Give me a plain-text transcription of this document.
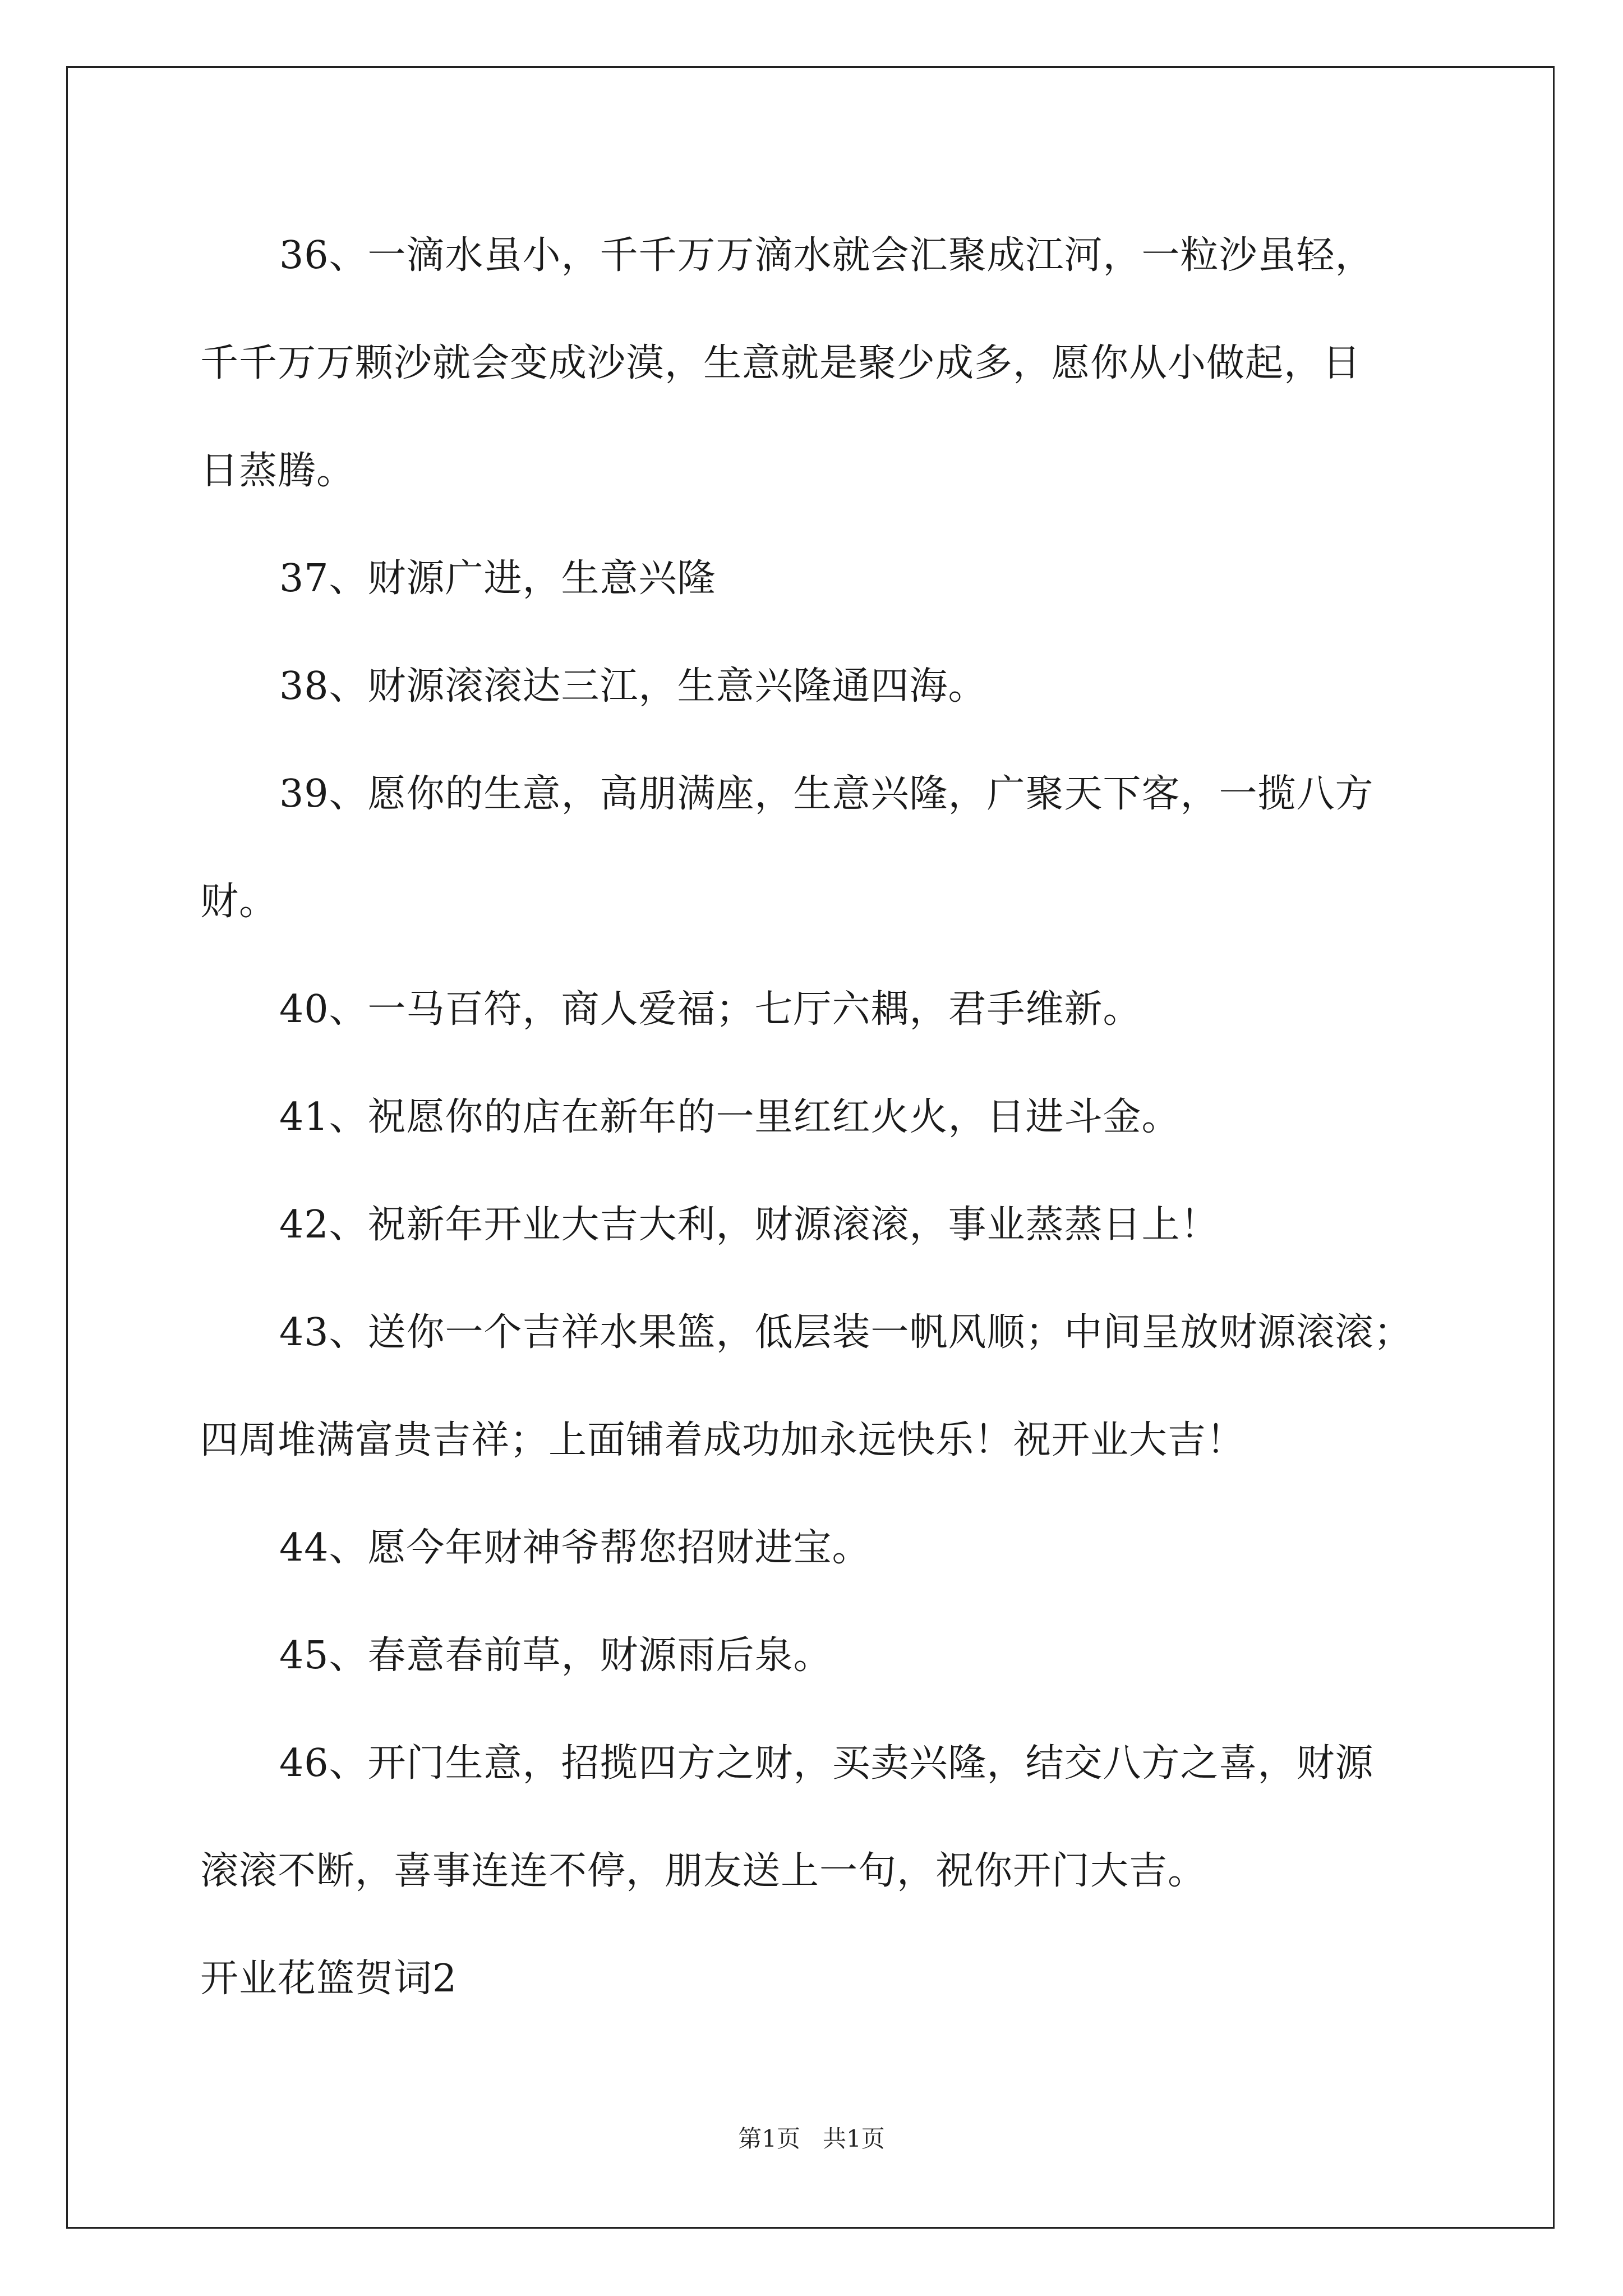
36、一滴水虽小，千千万万滴水就会汇聚成江河，一粒沙虽轻，
千千万万颗沙就会变成沙漠，生意就是聚少成多，愿你从小做起，日
日蒸腾。

37、财源广进，生意兴隆

38、财源滚滚达三江，生意兴隆通四海。

39、愿你的生意，高朋满座，生意兴隆，广聚天下客，一揽八方
财。

40、一马百符，商人爱福；七厅六耦，君手维新。

41、祝愿你的店在新年的一里红红火火，日进斗金。

42、祝新年开业大吉大利，财源滚滚，事业蒸蒸日上！

43、送你一个吉祥水果篮，低层装一帆风顺；中间呈放财源滚滚；
四周堆满富贵吉祥；上面铺着成功加永远快乐！祝开业大吉！

44、愿今年财神爷帮您招财进宝。

45、春意春前草，财源雨后泉。

46、开门生意，招揽四方之财，买卖兴隆，结交八方之喜，财源
滚滚不断，喜事连连不停，朋友送上一句，祝你开门大吉。

开业花篮贺词2

第1页   共1页
